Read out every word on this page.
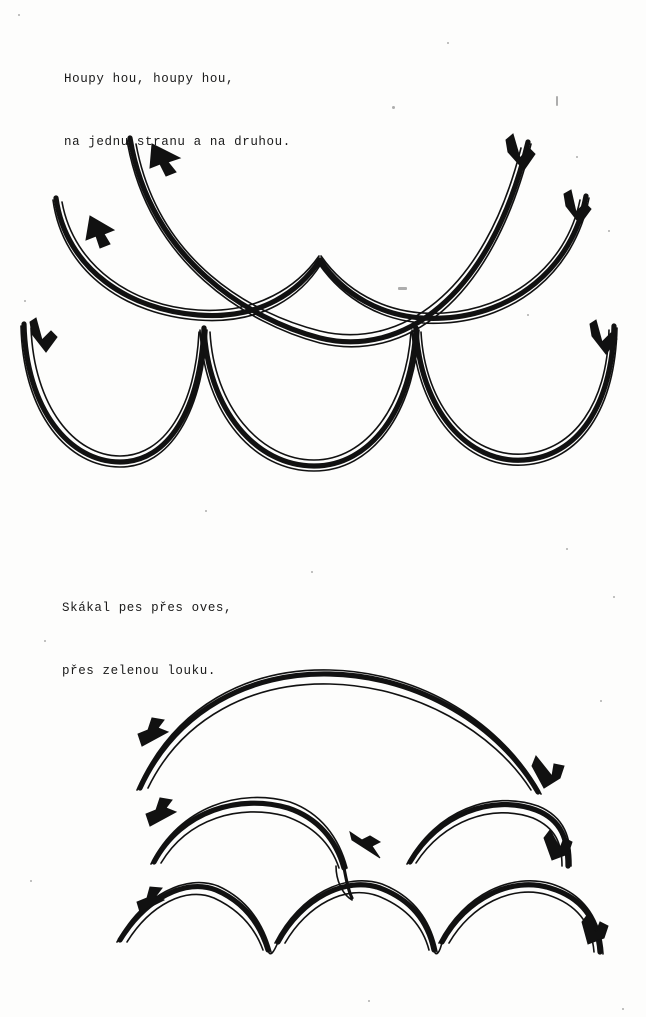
Houpy hou, houpy hou,

na jednu stranu a na druhou.

Skákal pes přes oves,

přes zelenou louku.
